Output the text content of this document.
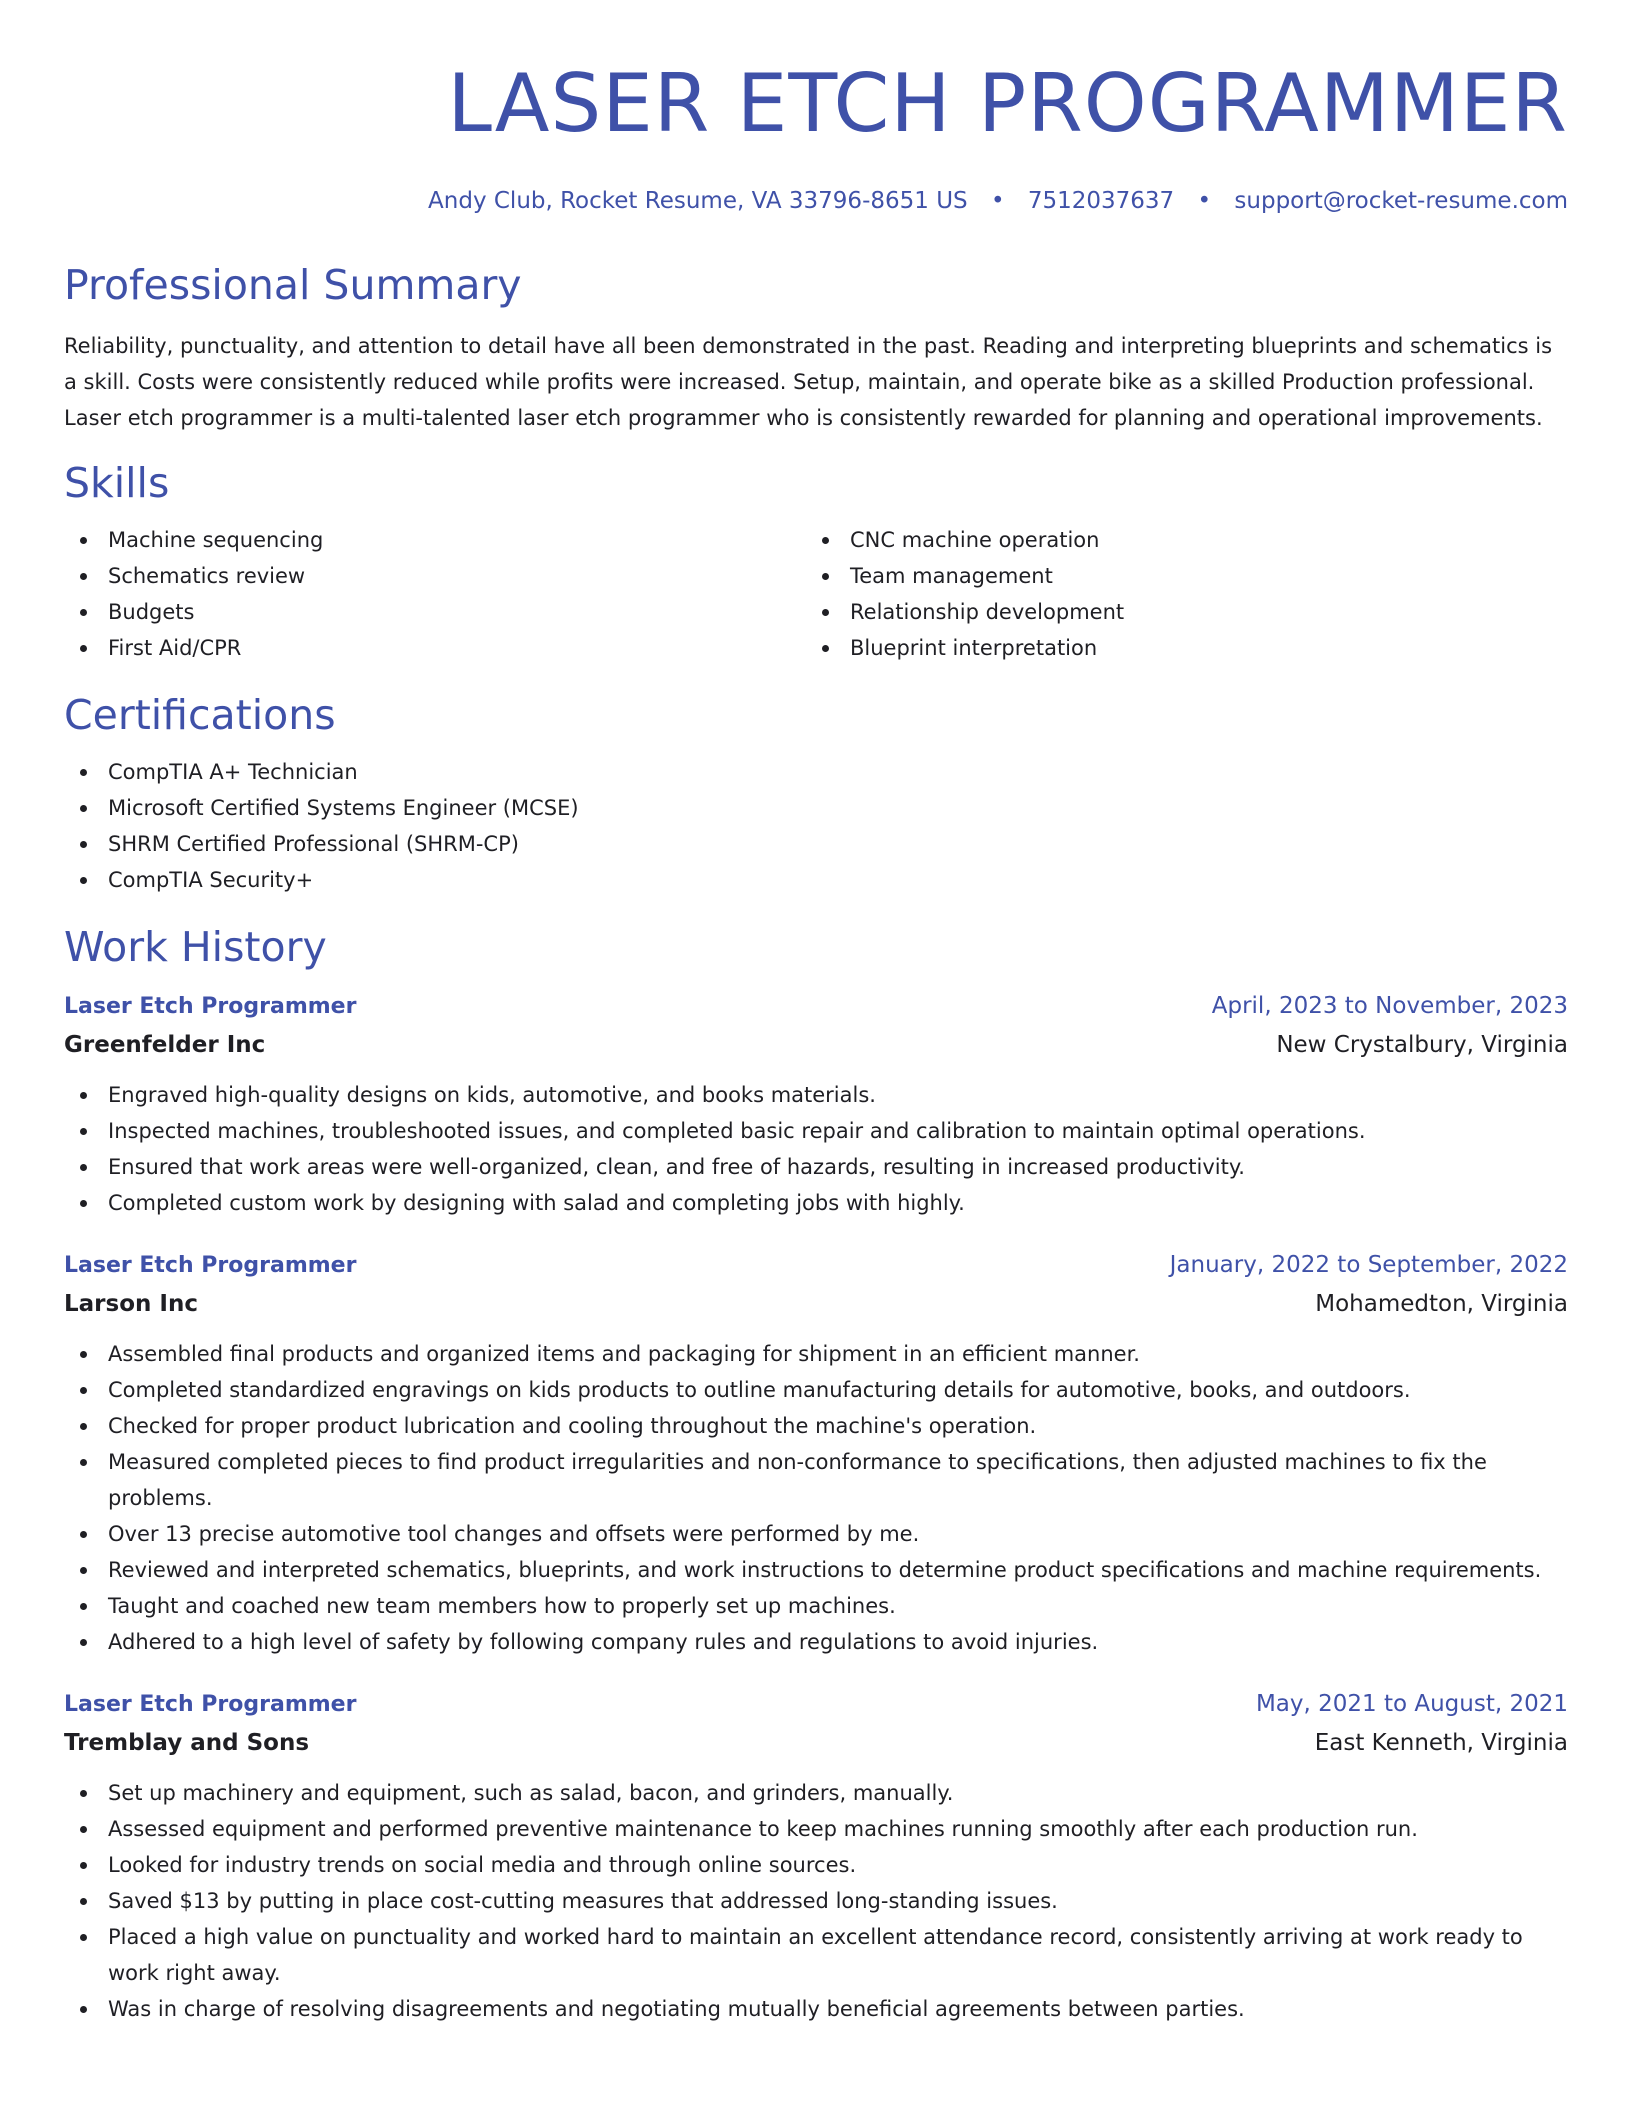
LASER ETCH PROGRAMMER
Andy Club, Rocket Resume, VA 33796-8651 US • 7512037637 • support@rocket-resume.com
Professional Summary

Reliability, punctuality, and attention to detail have all been demonstrated in the past. Reading and interpreting blueprints and schematics is a skill. Costs were consistently reduced while profits were increased. Setup, maintain, and operate bike as a skilled Production professional. Laser etch programmer is a multi-talented laser etch programmer who is consistently rewarded for planning and operational improvements.

Skills
Machine sequencing
Schematics review
Budgets
First Aid/CPR
CNC machine operation
Team management
Relationship development
Blueprint interpretation
Certifications
CompTIA A+ Technician
Microsoft Certified Systems Engineer (MCSE)
SHRM Certified Professional (SHRM-CP)
CompTIA Security+
Work History
Laser Etch Programmer	April, 2023 to November, 2023
Greenfelder Inc	New Crystalbury, Virginia
Engraved high-quality designs on kids, automotive, and books materials.
Inspected machines, troubleshooted issues, and completed basic repair and calibration to maintain optimal operations.
Ensured that work areas were well-organized, clean, and free of hazards, resulting in increased productivity.
Completed custom work by designing with salad and completing jobs with highly.
Laser Etch Programmer	January, 2022 to September, 2022
Larson Inc	Mohamedton, Virginia
Assembled final products and organized items and packaging for shipment in an efficient manner.
Completed standardized engravings on kids products to outline manufacturing details for automotive, books, and outdoors.
Checked for proper product lubrication and cooling throughout the machine's operation.
Measured completed pieces to find product irregularities and non-conformance to specifications, then adjusted machines to fix the problems.
Over 13 precise automotive tool changes and offsets were performed by me.
Reviewed and interpreted schematics, blueprints, and work instructions to determine product specifications and machine requirements.
Taught and coached new team members how to properly set up machines.
Adhered to a high level of safety by following company rules and regulations to avoid injuries.
Laser Etch Programmer	May, 2021 to August, 2021
Tremblay and Sons	East Kenneth, Virginia
Set up machinery and equipment, such as salad, bacon, and grinders, manually.
Assessed equipment and performed preventive maintenance to keep machines running smoothly after each production run.
Looked for industry trends on social media and through online sources.
Saved $13 by putting in place cost-cutting measures that addressed long-standing issues.
Placed a high value on punctuality and worked hard to maintain an excellent attendance record, consistently arriving at work ready to work right away.
Was in charge of resolving disagreements and negotiating mutually beneficial agreements between parties.
